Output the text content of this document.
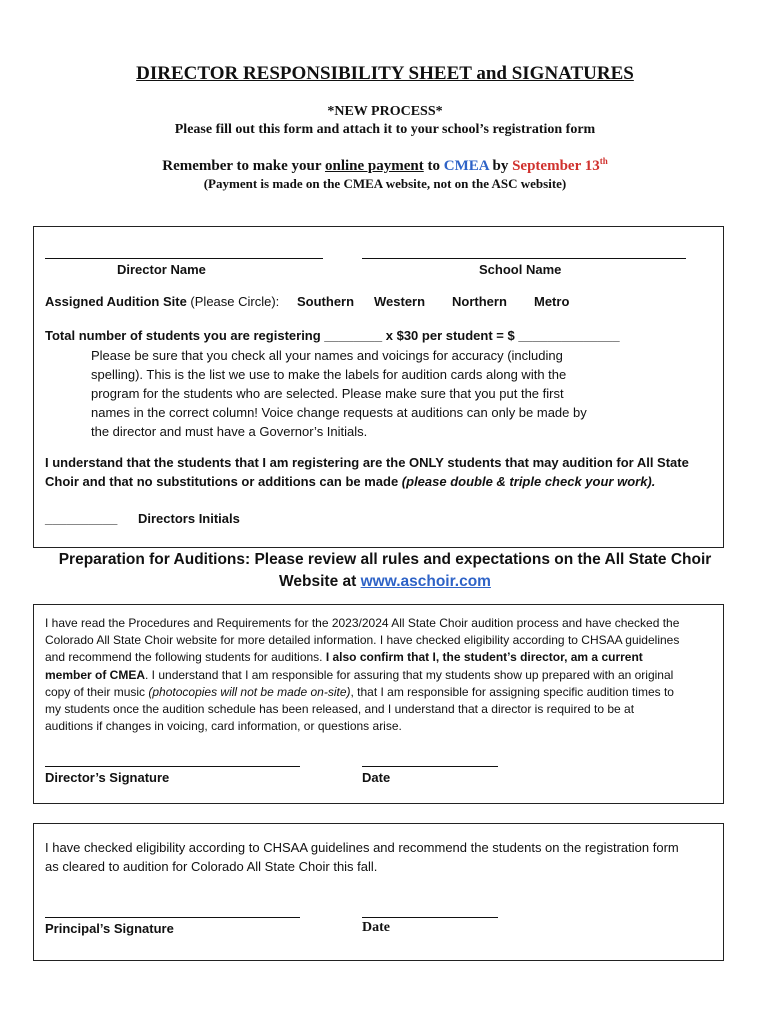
DIRECTOR RESPONSIBILITY SHEET and SIGNATURES
*NEW PROCESS*
Please fill out this form and attach it to your school’s registration form
Remember to make your online payment to CMEA by September 13th
(Payment is made on the CMEA website, not on the ASC website)
Director Name	School Name
Assigned Audition Site (Please Circle): Southern Western Northern Metro
Total number of students you are registering ________ x $30 per student = $ ______________
Please be sure that you check all your names and voicings for accuracy (including
spelling). This is the list we use to make the labels for audition cards along with the
program for the students who are selected. Please make sure that you put the first
names in the correct column! Voice change requests at auditions can only be made by
the director and must have a Governor’s Initials.
I understand that the students that I am registering are the ONLY students that may audition for All State
Choir and that no substitutions or additions can be made (please double & triple check your work).
__________ Directors Initials
Preparation for Auditions: Please review all rules and expectations on the All State Choir
Website at www.aschoir.com
I have read the Procedures and Requirements for the 2023/2024 All State Choir audition process and have checked the
Colorado All State Choir website for more detailed information. I have checked eligibility according to CHSAA guidelines
and recommend the following students for auditions. I also confirm that I, the student’s director, am a current
member of CMEA. I understand that I am responsible for assuring that my students show up prepared with an original
copy of their music (photocopies will not be made on-site), that I am responsible for assigning specific audition times to
my students once the audition schedule has been released, and I understand that a director is required to be at
auditions if changes in voicing, card information, or questions arise.
Director’s Signature	Date
I have checked eligibility according to CHSAA guidelines and recommend the students on the registration form
as cleared to audition for Colorado All State Choir this fall.
Principal’s Signature	Date
